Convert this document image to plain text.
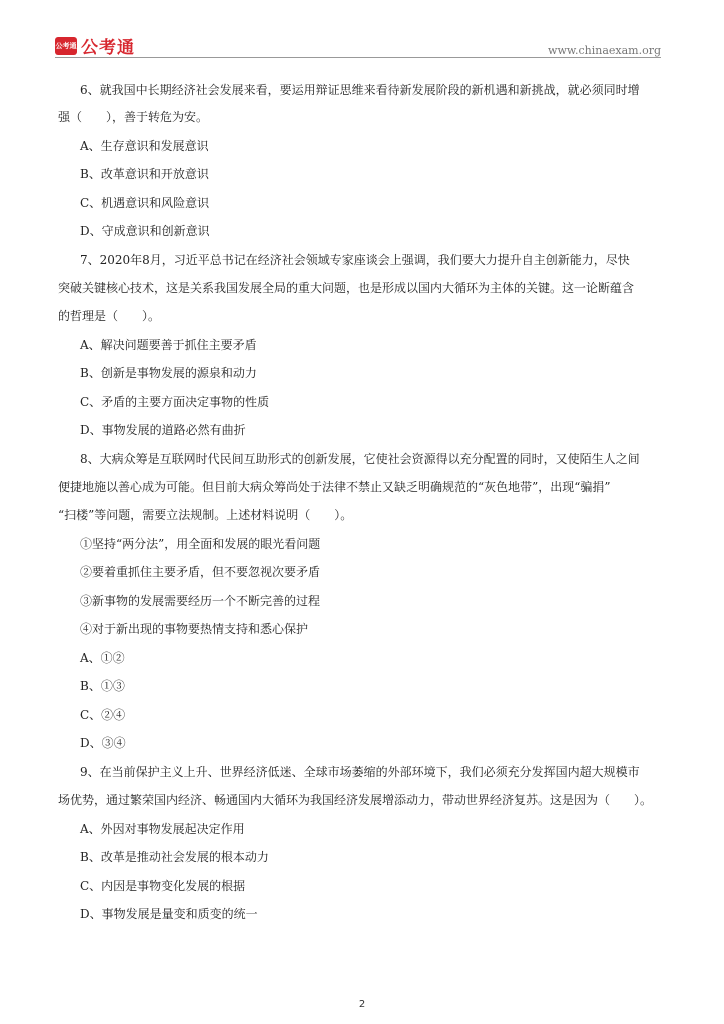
公考通 公考通	www.chinaexam.org
6、就我国中长期经济社会发展来看，要运用辩证思维来看待新发展阶段的新机遇和新挑战，就必须同时增
强（　　），善于转危为安。
A、生存意识和发展意识
B、改革意识和开放意识
C、机遇意识和风险意识
D、守成意识和创新意识
7、2020年8月，习近平总书记在经济社会领域专家座谈会上强调，我们要大力提升自主创新能力，尽快
突破关键核心技术，这是关系我国发展全局的重大问题，也是形成以国内大循环为主体的关键。这一论断蕴含
的哲理是（　　）。
A、解决问题要善于抓住主要矛盾
B、创新是事物发展的源泉和动力
C、矛盾的主要方面决定事物的性质
D、事物发展的道路必然有曲折
8、大病众筹是互联网时代民间互助形式的创新发展，它使社会资源得以充分配置的同时，又使陌生人之间
便捷地施以善心成为可能。但目前大病众筹尚处于法律不禁止又缺乏明确规范的“灰色地带”，出现“骗捐”
“扫楼”等问题，需要立法规制。上述材料说明（　　）。
①坚持“两分法”，用全面和发展的眼光看问题
②要着重抓住主要矛盾，但不要忽视次要矛盾
③新事物的发展需要经历一个不断完善的过程
④对于新出现的事物要热情支持和悉心保护
A、①②
B、①③
C、②④
D、③④
9、在当前保护主义上升、世界经济低迷、全球市场萎缩的外部环境下，我们必须充分发挥国内超大规模市
场优势，通过繁荣国内经济、畅通国内大循环为我国经济发展增添动力，带动世界经济复苏。这是因为（　　）。
A、外因对事物发展起决定作用
B、改革是推动社会发展的根本动力
C、内因是事物变化发展的根据
D、事物发展是量变和质变的统一
2
